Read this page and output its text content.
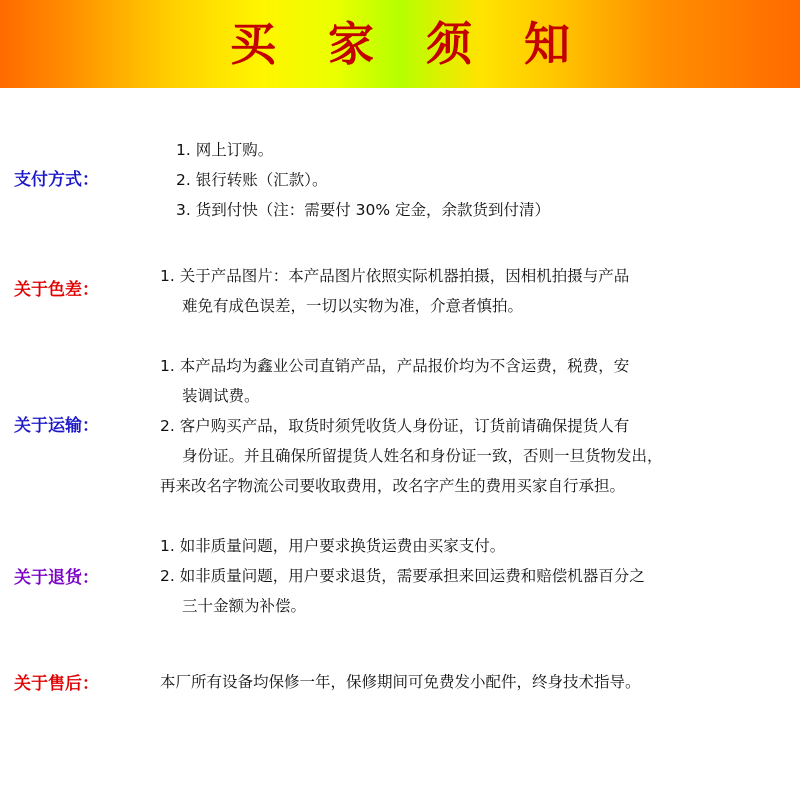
买 家 须 知
支付方式：
1. 网上订购。
2. 银行转账（汇款）。
3. 货到付快（注：需要付 30% 定金，余款货到付清）
关于色差：
1. 关于产品图片：本产品图片依照实际机器拍摄，因相机拍摄与产品
难免有成色误差，一切以实物为准，介意者慎拍。
关于运输：
1. 本产品均为鑫业公司直销产品，产品报价均为不含运费，税费，安
装调试费。
2. 客户购买产品，取货时须凭收货人身份证，订货前请确保提货人有
身份证。并且确保所留提货人姓名和身份证一致，否则一旦货物发出，
再来改名字物流公司要收取费用，改名字产生的费用买家自行承担。
关于退货：
1. 如非质量问题，用户要求换货运费由买家支付。
2. 如非质量问题，用户要求退货，需要承担来回运费和赔偿机器百分之
三十金额为补偿。
关于售后：	本厂所有设备均保修一年，保修期间可免费发小配件，终身技术指导。
